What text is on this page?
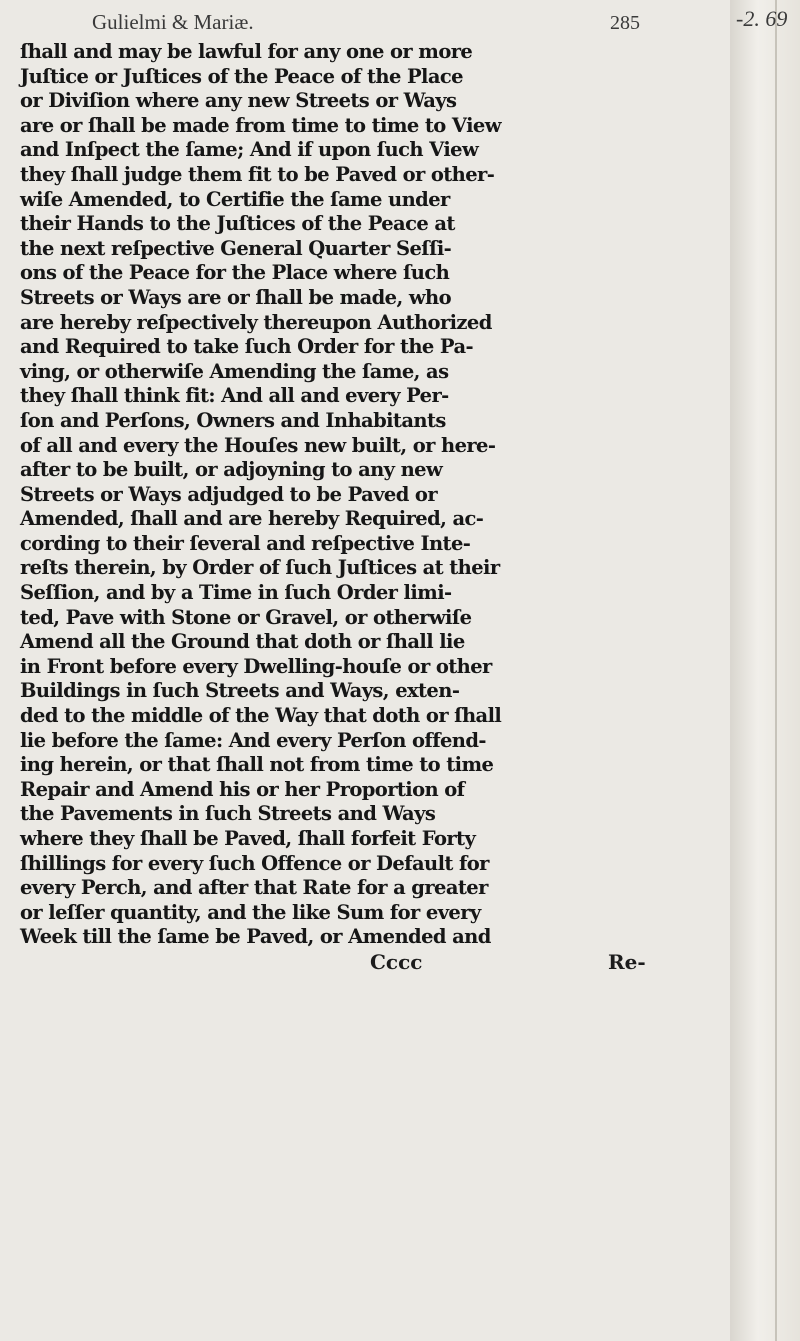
Gulielmi & Mariæ.	285
ſhall and may be lawful for any one or more
Juſtice or Juſtices of the Peace of the Place
or Diviſion where any new Streets or Ways
are or ſhall be made from time to time to View
and Inſpect the ſame; And if upon ſuch View
they ſhall judge them fit to be Paved or other-
wiſe Amended, to Certifie the ſame under
their Hands to the Juſtices of the Peace at
the next reſpective General Quarter Seſſi-
ons of the Peace for the Place where ſuch
Streets or Ways are or ſhall be made, who
are hereby reſpectively thereupon Authorized
and Required to take ſuch Order for the Pa-
ving, or otherwiſe Amending the ſame, as
they ſhall think fit: And all and every Per-
ſon and Perſons, Owners and Inhabitants
of all and every the Houſes new built, or here-
after to be built, or adjoyning to any new
Streets or Ways adjudged to be Paved or
Amended, ſhall and are hereby Required, ac-
cording to their ſeveral and reſpective Inte-
reſts therein, by Order of ſuch Juſtices at their
Seſſion, and by a Time in ſuch Order limi-
ted, Pave with Stone or Gravel, or otherwiſe
Amend all the Ground that doth or ſhall lie
in Front before every Dwelling-houſe or other
Buildings in ſuch Streets and Ways, exten-
ded to the middle of the Way that doth or ſhall
lie before the ſame: And every Perſon offend-
ing herein, or that ſhall not from time to time
Repair and Amend his or her Proportion of
the Pavements in ſuch Streets and Ways
where they ſhall be Paved, ſhall forfeit Forty
ſhillings for every ſuch Offence or Default for
every Perch, and after that Rate for a greater
or leſſer quantity, and the like Sum for every
Week till the ſame be Paved, or Amended and
Cccc	Re-
-2. 69
